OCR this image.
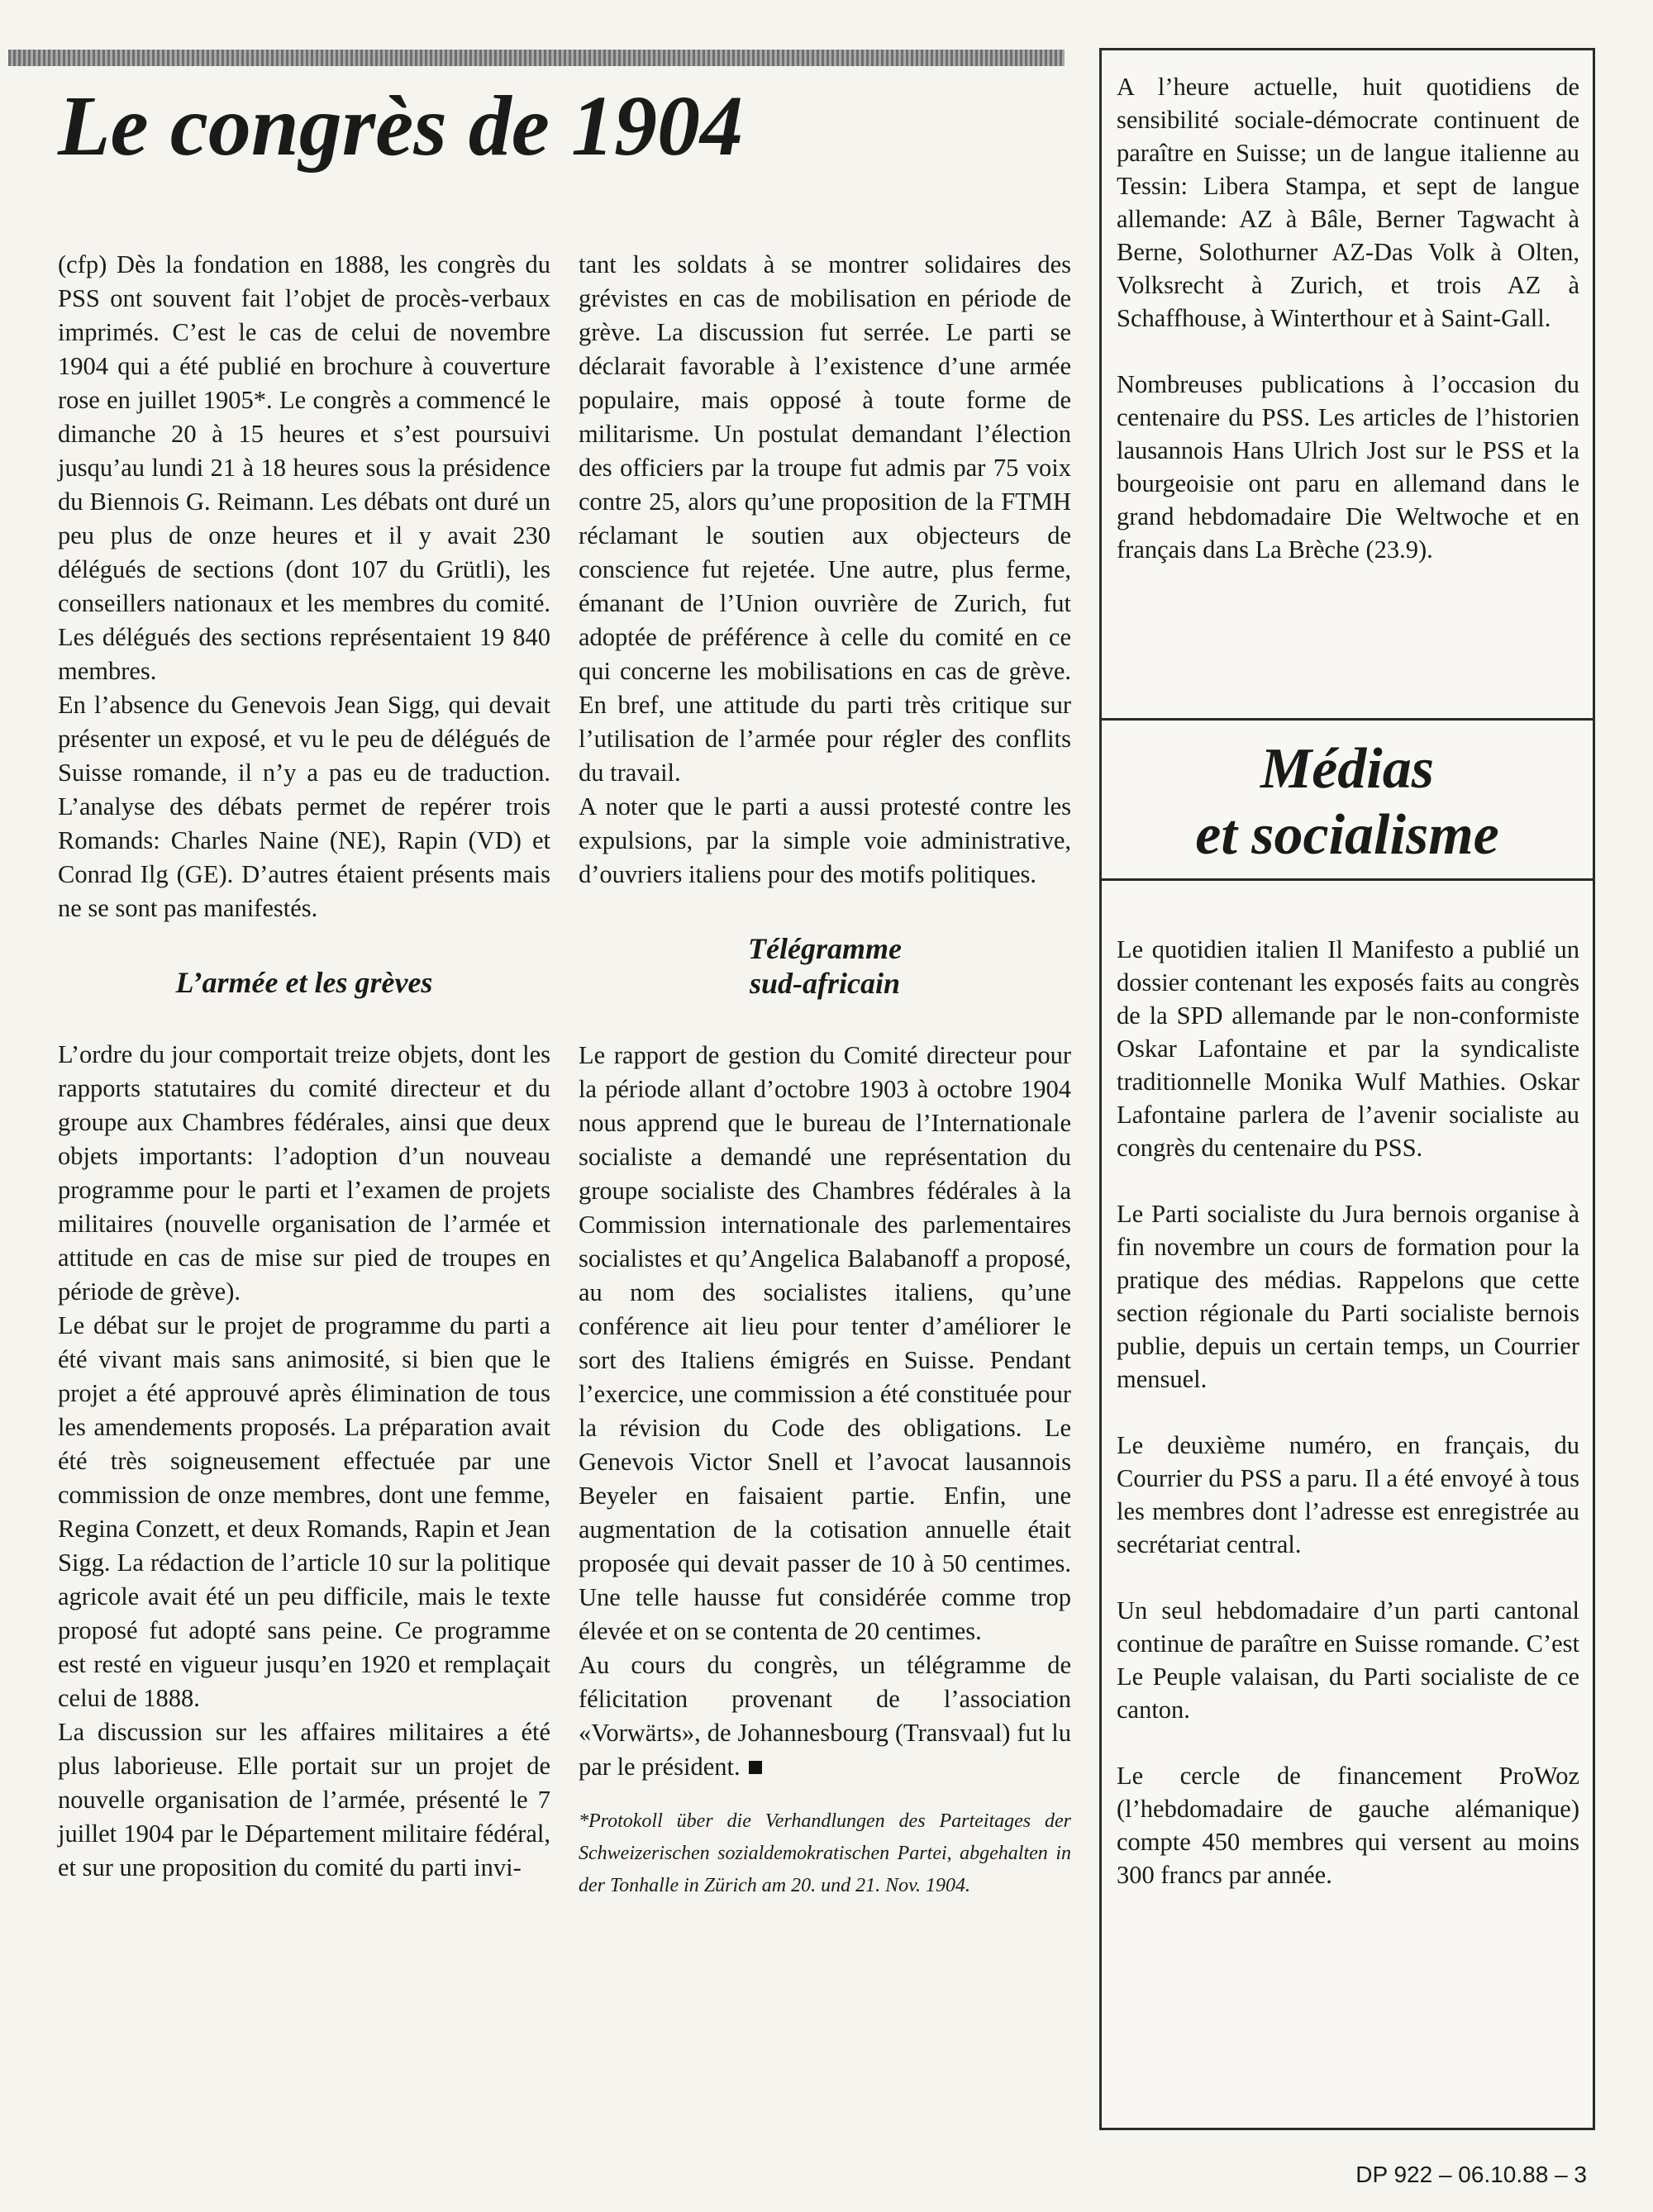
Le congrès de 1904

(cfp) Dès la fondation en 1888, les congrès du PSS ont souvent fait l’objet de procès-verbaux imprimés. C’est le cas de celui de novembre 1904 qui a été publié en brochure à couverture rose en juillet 1905*. Le congrès a commencé le dimanche 20 à 15 heures et s’est poursuivi jusqu’au lundi 21 à 18 heures sous la présidence du Biennois G. Reimann. Les débats ont duré un peu plus de onze heures et il y avait 230 délégués de sections (dont 107 du Grütli), les conseillers nationaux et les membres du comité. Les délégués des sections représentaient 19 840 membres.

En l’absence du Genevois Jean Sigg, qui devait présenter un exposé, et vu le peu de délégués de Suisse romande, il n’y a pas eu de traduction. L’analyse des débats permet de repérer trois Romands: Charles Naine (NE), Rapin (VD) et Conrad Ilg (GE). D’autres étaient présents mais ne se sont pas manifestés.

L’armée et les grèves

L’ordre du jour comportait treize objets, dont les rapports statutaires du comité directeur et du groupe aux Chambres fédérales, ainsi que deux objets importants: l’adoption d’un nouveau programme pour le parti et l’examen de projets militaires (nouvelle organisation de l’armée et attitude en cas de mise sur pied de troupes en période de grève).

Le débat sur le projet de programme du parti a été vivant mais sans animosité, si bien que le projet a été approuvé après élimination de tous les amendements proposés. La préparation avait été très soigneusement effectuée par une commission de onze membres, dont une femme, Regina Conzett, et deux Romands, Rapin et Jean Sigg. La rédaction de l’article 10 sur la politique agricole avait été un peu difficile, mais le texte proposé fut adopté sans peine. Ce programme est resté en vigueur jusqu’en 1920 et remplaçait celui de 1888.

La discussion sur les affaires militaires a été plus laborieuse. Elle portait sur un projet de nouvelle organisation de l’armée, présenté le 7 juillet 1904 par le Département militaire fédéral, et sur une proposition du comité du parti invi-

tant les soldats à se montrer solidaires des grévistes en cas de mobilisation en période de grève. La discussion fut serrée. Le parti se déclarait favorable à l’existence d’une armée populaire, mais opposé à toute forme de militarisme. Un postulat demandant l’élection des officiers par la troupe fut admis par 75 voix contre 25, alors qu’une proposition de la FTMH réclamant le soutien aux objecteurs de conscience fut rejetée. Une autre, plus ferme, émanant de l’Union ouvrière de Zurich, fut adoptée de préférence à celle du comité en ce qui concerne les mobilisations en cas de grève. En bref, une attitude du parti très critique sur l’utilisation de l’armée pour régler des conflits du travail.

A noter que le parti a aussi protesté contre les expulsions, par la simple voie administrative, d’ouvriers italiens pour des motifs politiques.

Télégramme
sud-africain

Le rapport de gestion du Comité directeur pour la période allant d’octobre 1903 à octobre 1904 nous apprend que le bureau de l’Internationale socialiste a demandé une représentation du groupe socialiste des Chambres fédérales à la Commission internationale des parlementaires socialistes et qu’Angelica Balabanoff a proposé, au nom des socialistes italiens, qu’une conférence ait lieu pour tenter d’améliorer le sort des Italiens émigrés en Suisse. Pendant l’exercice, une commission a été constituée pour la révision du Code des obligations. Le Genevois Victor Snell et l’avocat lausannois Beyeler en faisaient partie. Enfin, une augmentation de la cotisation annuelle était proposée qui devait passer de 10 à 50 centimes. Une telle hausse fut considérée comme trop élevée et on se contenta de 20 centimes.

Au cours du congrès, un télégramme de félicitation provenant de l’association «Vorwärts», de Johannesbourg (Transvaal) fut lu par le président.

*Protokoll über die Verhandlungen des Parteitages der Schweizerischen sozialdemokratischen Partei, abgehalten in der Tonhalle in Zürich am 20. und 21. Nov. 1904.

A l’heure actuelle, huit quotidiens de sensibilité sociale-démocrate continuent de paraître en Suisse; un de langue italienne au Tessin: Libera Stampa, et sept de langue allemande: AZ à Bâle, Berner Tagwacht à Berne, Solothurner AZ-Das Volk à Olten, Volksrecht à Zurich, et trois AZ à Schaffhouse, à Winterthour et à Saint-Gall.

Nombreuses publications à l’occasion du centenaire du PSS. Les articles de l’historien lausannois Hans Ulrich Jost sur le PSS et la bourgeoisie ont paru en allemand dans le grand hebdomadaire Die Weltwoche et en français dans La Brèche (23.9).

Médias
et socialisme

Le quotidien italien Il Manifesto a publié un dossier contenant les exposés faits au congrès de la SPD allemande par le non-conformiste Oskar Lafontaine et par la syndicaliste traditionnelle Monika Wulf Mathies. Oskar Lafontaine parlera de l’avenir socialiste au congrès du centenaire du PSS.

Le Parti socialiste du Jura bernois organise à fin novembre un cours de formation pour la pratique des médias. Rappelons que cette section régionale du Parti socialiste bernois publie, depuis un certain temps, un Courrier mensuel.

Le deuxième numéro, en français, du Courrier du PSS a paru. Il a été envoyé à tous les membres dont l’adresse est enregistrée au secrétariat central.

Un seul hebdomadaire d’un parti cantonal continue de paraître en Suisse romande. C’est Le Peuple valaisan, du Parti socialiste de ce canton.

Le cercle de financement ProWoz (l’hebdomadaire de gauche alémanique) compte 450 membres qui versent au moins 300 francs par année.

DP 922 – 06.10.88 – 3
